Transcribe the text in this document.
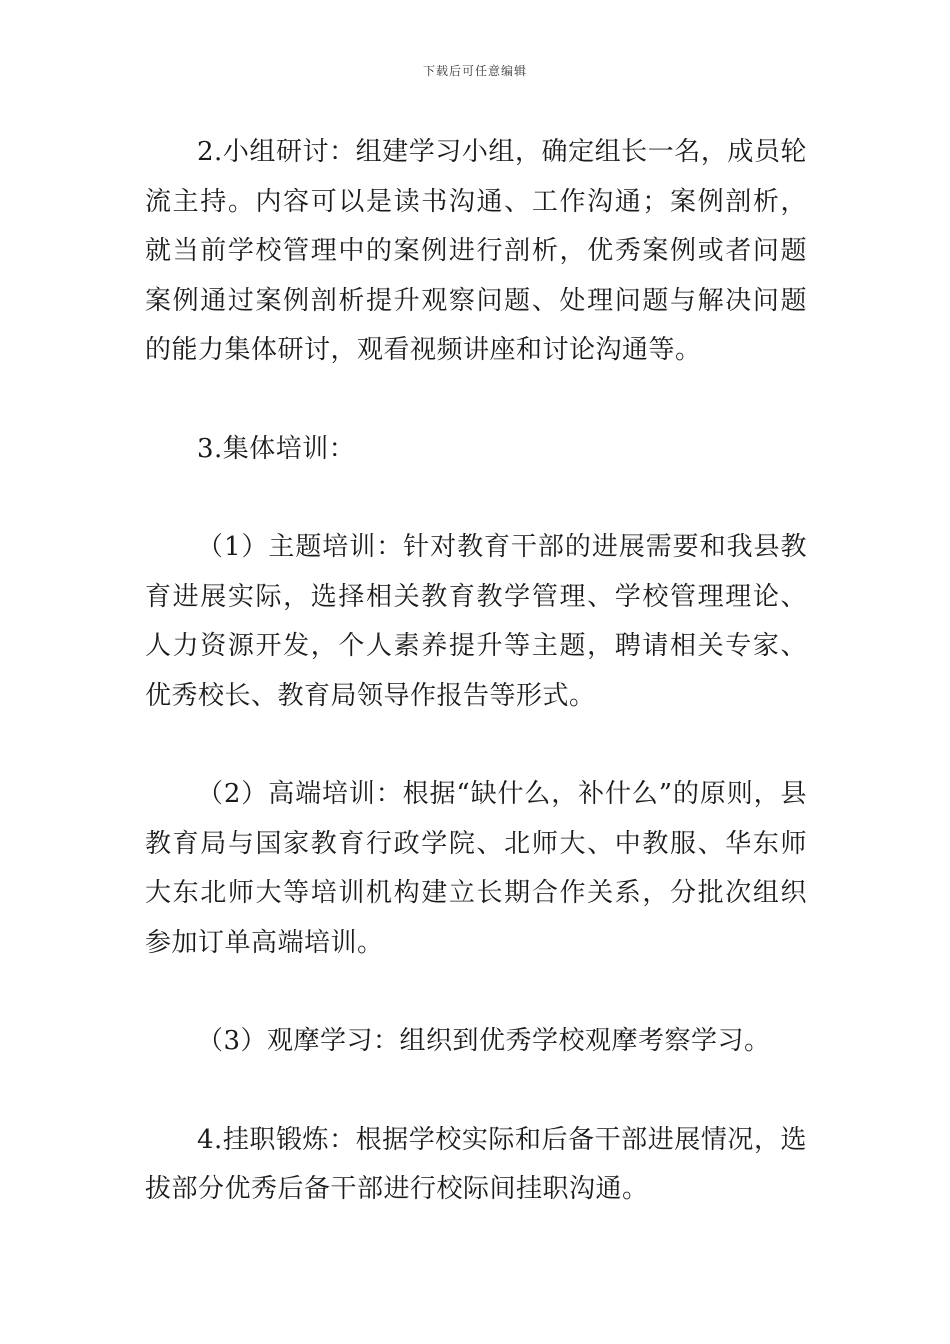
下载后可任意编辑

2.小组研讨：组建学习小组，确定组长一名，成员轮流主持。内容可以是读书沟通、工作沟通；案例剖析，就当前学校管理中的案例进行剖析，优秀案例或者问题案例通过案例剖析提升观察问题、处理问题与解决问题的能力集体研讨，观看视频讲座和讨论沟通等。

3.集体培训：

（1）主题培训：针对教育干部的进展需要和我县教育进展实际，选择相关教育教学管理、学校管理理论、人力资源开发，个人素养提升等主题，聘请相关专家、优秀校长、教育局领导作报告等形式。

（2）高端培训：根据“缺什么，补什么”的原则，县教育局与国家教育行政学院、北师大、中教服、华东师大东北师大等培训机构建立长期合作关系，分批次组织参加订单高端培训。

（3）观摩学习：组织到优秀学校观摩考察学习。

4.挂职锻炼：根据学校实际和后备干部进展情况，选拔部分优秀后备干部进行校际间挂职沟通。
